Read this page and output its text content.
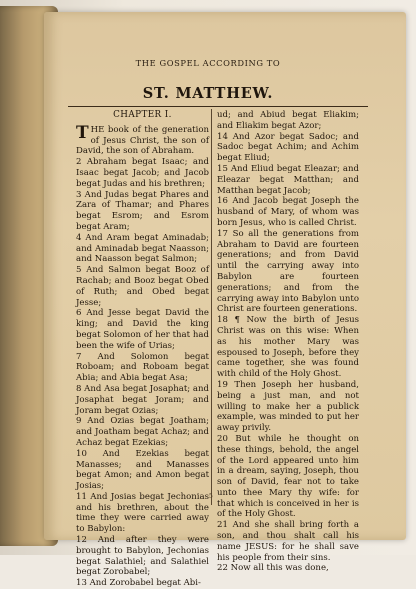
THE GOSPEL ACCORDING TO
ST. MATTHEW.
CHAPTER I.

THE book of the generation of Jesus Christ, the son of David, the son of Abraham.

2 Abraham begat Isaac; and Isaac begat Jacob; and Jacob begat Judas and his brethren;

3 And Judas begat Phares and Zara of Thamar; and Phares begat Esrom; and Esrom begat Aram;

4 And Aram begat Aminadab; and Aminadab begat Naasson; and Naasson begat Salmon;

5 And Salmon begat Booz of Rachab; and Booz begat Obed of Ruth; and Obed begat Jesse;

6 And Jesse begat David the king; and David the king begat Solomon of her that had been the wife of Urias;

7 And Solomon begat Roboam; and Roboam begat Abia; and Abia begat Asa;

8 And Asa begat Josaphat; and Josaphat begat Joram; and Joram begat Ozias;

9 And Ozias begat Joatham; and Joatham begat Achaz; and Achaz begat Ezekias;

10 And Ezekias begat Manasses; and Manasses begat Amon; and Amon begat Josias;

11 And Josias begat Jechonias and his brethren, about the time they were carried away to Babylon:

12 And after they were brought to Babylon, Jechonias begat Salathiel; and Salathiel begat Zorobabel;

13 And Zorobabel begat Abi-

ud; and Abiud begat Eliakim; and Eliakim begat Azor;

14 And Azor begat Sadoc; and Sadoc begat Achim; and Achim begat Eliud;

15 And Eliud begat Eleazar; and Eleazar begat Matthan; and Matthan begat Jacob;

16 And Jacob begat Joseph the husband of Mary, of whom was born Jesus, who is called Christ.

17 So all the generations from Abraham to David are fourteen generations; and from David until the carrying away into Babylon are fourteen generations; and from the carrying away into Babylon unto Christ are fourteen generations.

18 ¶ Now the birth of Jesus Christ was on this wise: When as his mother Mary was espoused to Joseph, before they came together, she was found with child of the Holy Ghost.

19 Then Joseph her husband, being a just man, and not willing to make her a publick example, was minded to put her away privily.

20 But while he thought on these things, behold, the angel of the Lord appeared unto him in a dream, saying, Joseph, thou son of David, fear not to take unto thee Mary thy wife: for that which is conceived in her is of the Holy Ghost.

21 And she shall bring forth a son, and thou shalt call his name JESUS: for he shall save his people from their sins.

22 Now all this was done,

5
